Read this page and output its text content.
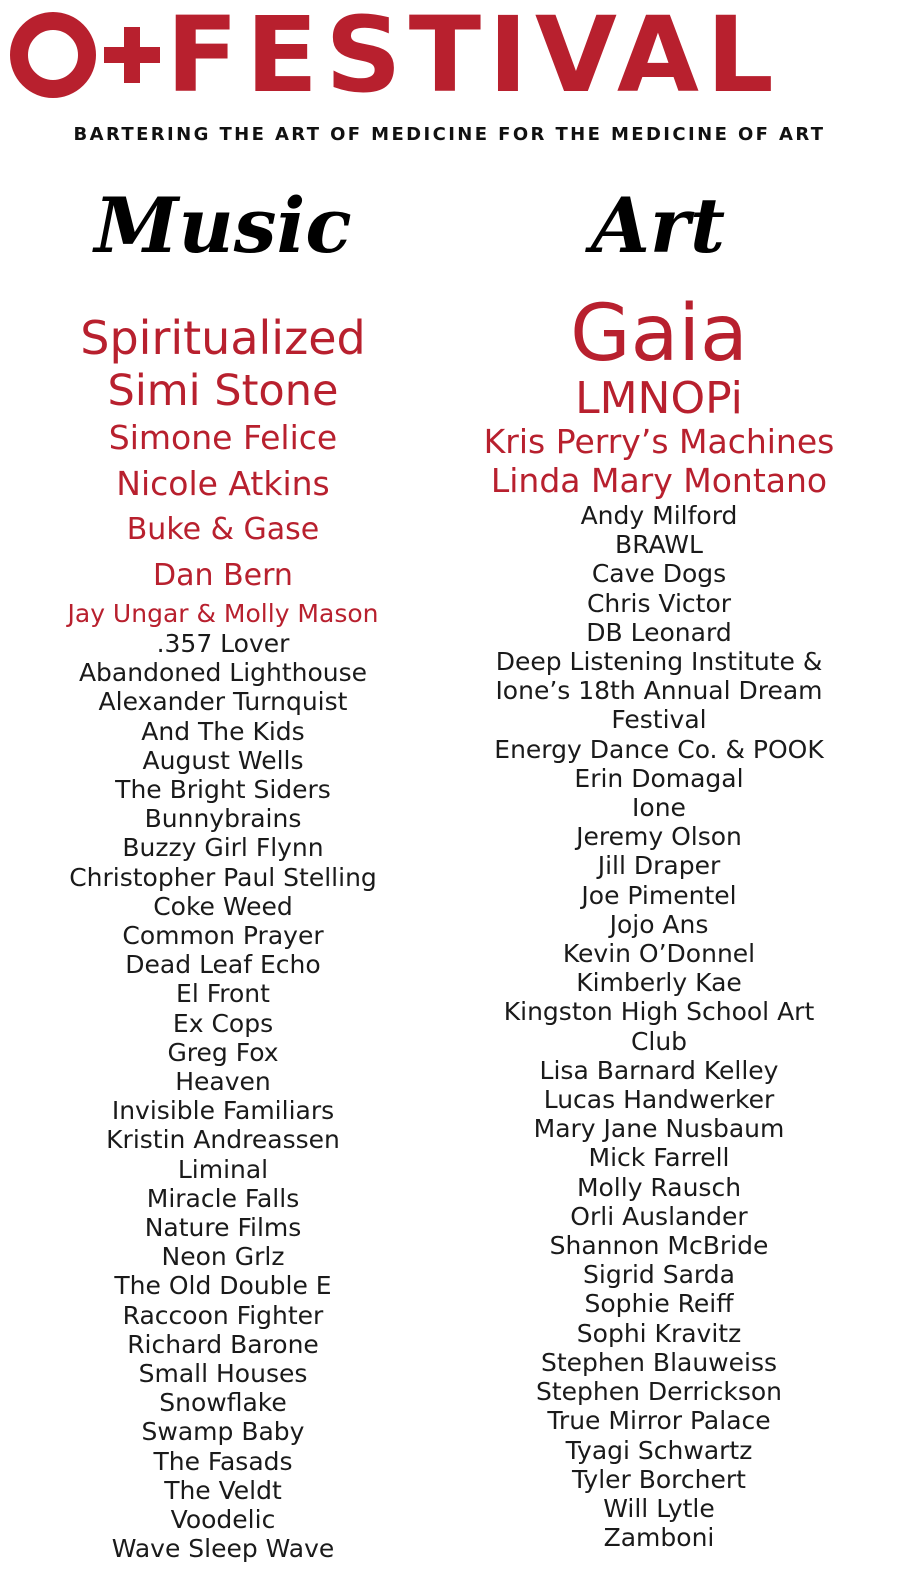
FESTIVAL
BARTERING THE ART OF MEDICINE FOR THE MEDICINE OF ART
Music	Art
Spiritualized
Simi Stone
Simone Felice
Nicole Atkins
Buke & Gase
Dan Bern
Jay Ungar & Molly Mason
.357 Lover
Abandoned Lighthouse
Alexander Turnquist
And The Kids
August Wells
The Bright Siders
Bunnybrains
Buzzy Girl Flynn
Christopher Paul Stelling
Coke Weed
Common Prayer
Dead Leaf Echo
El Front
Ex Cops
Greg Fox
Heaven
Invisible Familiars
Kristin Andreassen
Liminal
Miracle Falls
Nature Films
Neon Grlz
The Old Double E
Raccoon Fighter
Richard Barone
Small Houses
Snowflake
Swamp Baby
The Fasads
The Veldt
Voodelic
Wave Sleep Wave
Gaia
LMNOPi
Kris Perry’s Machines
Linda Mary Montano
Andy Milford
BRAWL
Cave Dogs
Chris Victor
DB Leonard
Deep Listening Institute &
Ione’s 18th Annual Dream
Festival
Energy Dance Co. & POOK
Erin Domagal
Ione
Jeremy Olson
Jill Draper
Joe Pimentel
Jojo Ans
Kevin O’Donnel
Kimberly Kae
Kingston High School Art
Club
Lisa Barnard Kelley
Lucas Handwerker
Mary Jane Nusbaum
Mick Farrell
Molly Rausch
Orli Auslander
Shannon McBride
Sigrid Sarda
Sophie Reiff
Sophi Kravitz
Stephen Blauweiss
Stephen Derrickson
True Mirror Palace
Tyagi Schwartz
Tyler Borchert
Will Lytle
Zamboni
